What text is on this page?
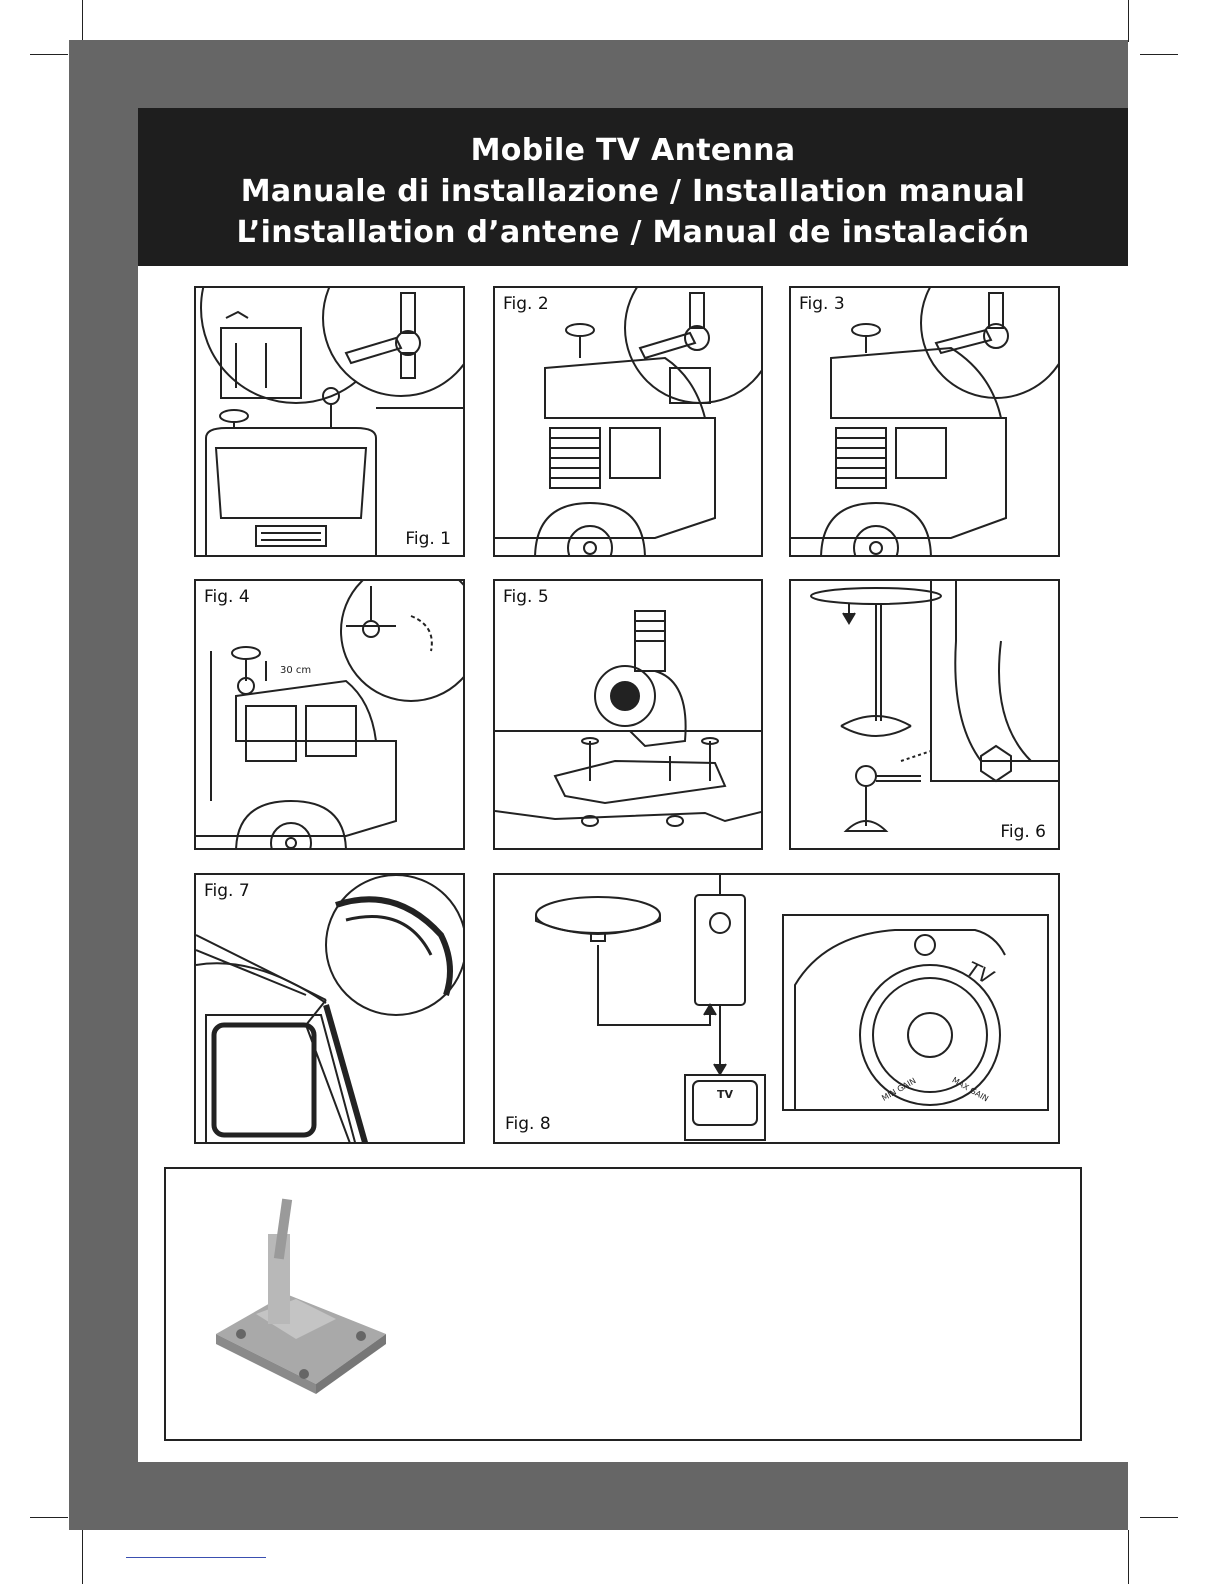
Mobile TV Antenna
Manuale di installazione / Installation manual
L’installation d’antene / Manual de instalación
Fig. 1
Fig. 2	Fig. 3
Fig. 4
30 cm
Fig. 5
Fig. 6
Fig. 7
TV
TV
MIN GAIN	MAX GAIN
Fig. 8
